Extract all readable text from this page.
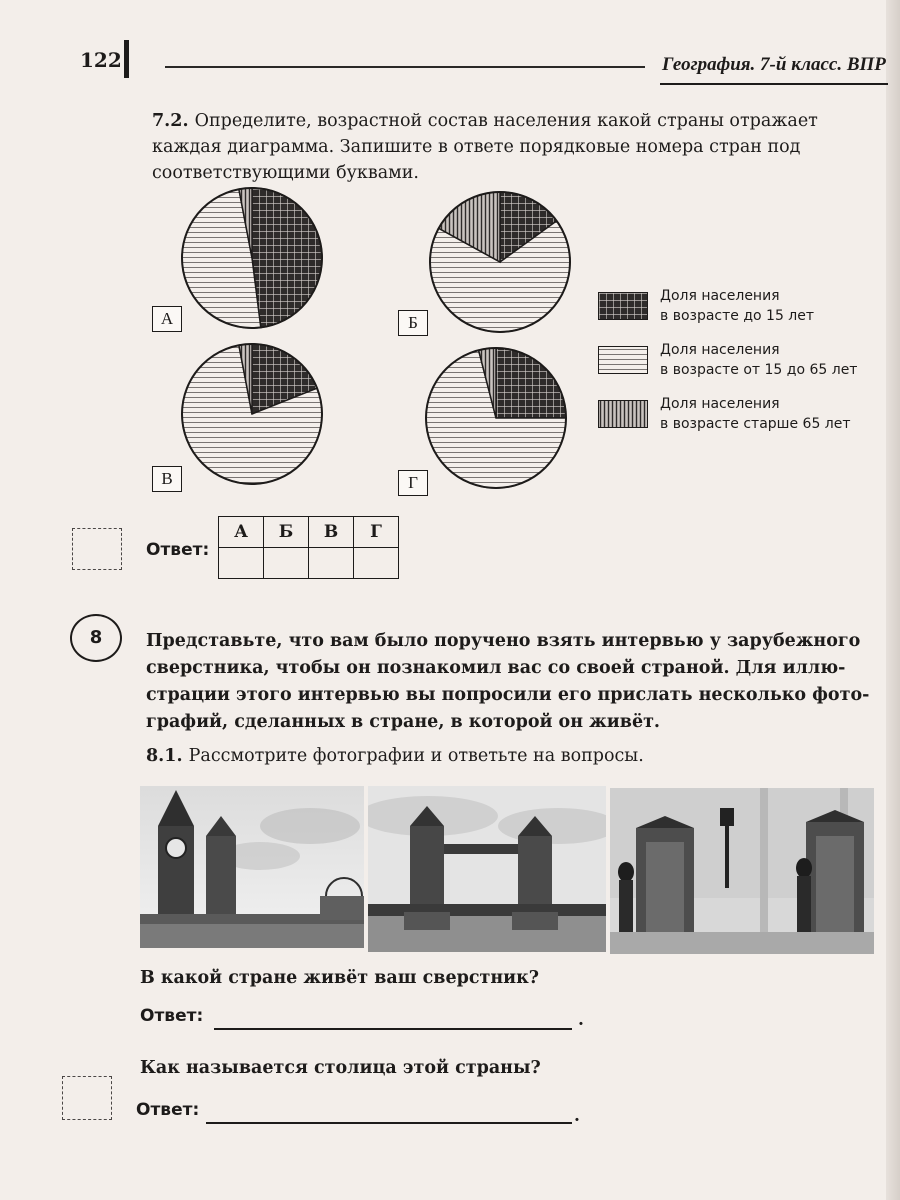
122	География. 7-й класс. ВПР
7.2. Определите, возрастной состав населения какой страны отражает каждая диаграмма. Запишите в ответе порядковые номера стран под соответствующими буквами.
А	Б
В	Г
Доля населения
в возрасте до 15 лет
Доля населения
в возрасте от 15 до 65 лет
Доля населения
в возрасте старше 65 лет
Ответ:
А	Б	В	Г

8	Представьте, что вам было поручено взять интервью у зарубежного сверстника, чтобы он познакомил вас со своей страной. Для иллюстрации этого интервью вы попросили его прислать несколько фотографий, сделанных в стране, в которой он живёт.
8.1. Рассмотрите фотографии и ответьте на вопросы.
В какой стране живёт ваш сверстник?
Ответ:	.
Как называется столица этой страны?
Ответ:	.
